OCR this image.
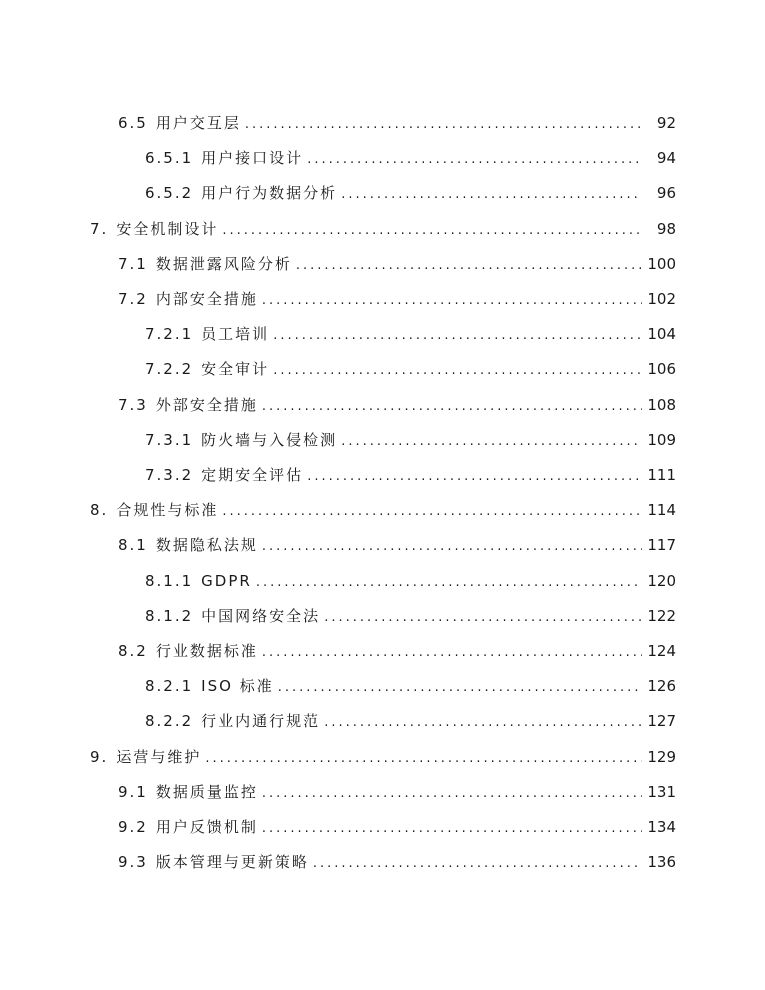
6.5 用户交互层 .....	92
6.5.1 用户接口设计 .....	94
6.5.2 用户行为数据分析 .....	96
7. 安全机制设计 .....	98
7.1 数据泄露风险分析 .....	100
7.2 内部安全措施 .....	102
7.2.1 员工培训 .....	104
7.2.2 安全审计 .....	106
7.3 外部安全措施 .....	108
7.3.1 防火墙与入侵检测 .....	109
7.3.2 定期安全评估 .....	111
8. 合规性与标准 .....	114
8.1 数据隐私法规 .....	117
8.1.1 GDPR .....	120
8.1.2 中国网络安全法 .....	122
8.2 行业数据标准 .....	124
8.2.1 ISO 标准 .....	126
8.2.2 行业内通行规范 .....	127
9. 运营与维护 .....	129
9.1 数据质量监控 .....	131
9.2 用户反馈机制 .....	134
9.3 版本管理与更新策略 .....	136
